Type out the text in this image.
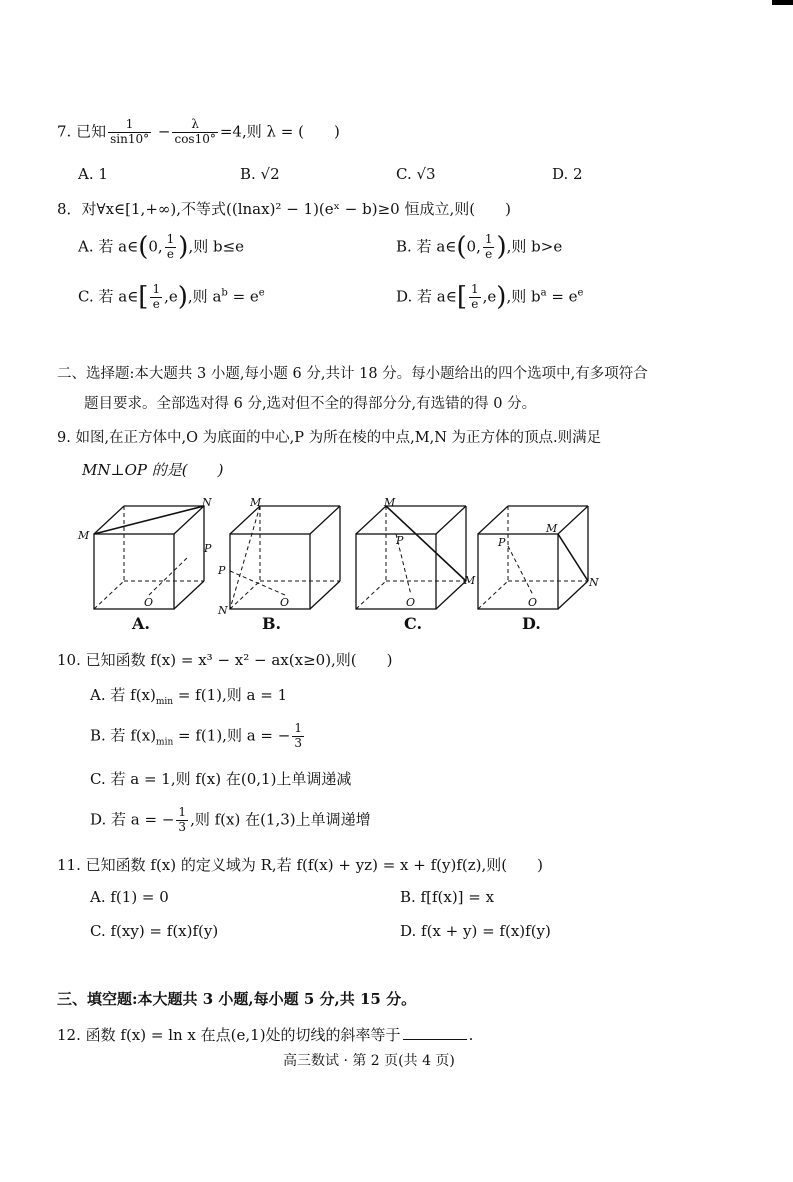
7. 已知 $\frac{1}{\sin 10^\circ} - \frac{\lambda}{\cos 10^\circ} =4$,则 λ = (　　)
A. 1	B. √2	C. √3	D. 2
8．对∀x∈[1,+∞),不等式((lnax)² − 1)(eˣ − b)≥0 恒成立,则(　　)
A. 若 a∈(0, $\frac{1}{e}$ ),则 b≤e	B. 若 a∈(0, $\frac{1}{e}$ ),则 b>e
C. 若 a∈[ $\frac{1}{e} ,e$),则 $a^b = e^e$	D. 若 a∈[ $\frac{1}{e} ,e$),则 $b^a = e^e$
二、选择题:本大题共 3 小题,每小题 6 分,共计 18 分。每小题给出的四个选项中,有多项符合
题目要求。全部选对得 6 分,选对但不全的得部分分,有选错的得 0 分。
9. 如图,在正方体中,O 为底面的中心,P 为所在棱的中点,M,N 为正方体的顶点.则满足
MN⊥OP 的是(　　)
M
N
P
O
A.
M
N
P
O
B.
M
P
O
M
C.
M
N
P
O
D.
10. 已知函数 f(x) = x³ − x² − ax(x≥0),则(　　)
A. 若 $f(x)_{min} = f(1)$,则 a = 1
B. 若 $f(x)_{min} = f(1)$,则 a = − $\frac{1}{3}$
C. 若 a = 1,则 f(x) 在(0,1)上单调递减
D. 若 a = − $\frac{1}{3}$ ,则 f(x) 在(1,3)上单调递增
11. 已知函数 f(x) 的定义域为 R,若 f(f(x) + yz) = x + f(y)f(z),则(　　)
A. f(1) = 0	B. f[f(x)] = x
C. f(xy) = f(x)f(y)	D. f(x + y) = f(x)f(y)
三、填空题:本大题共 3 小题,每小题 5 分,共 15 分。
12. 函数 f(x) = ln x 在点(e,1)处的切线的斜率等于	.
高三数试 · 第 2 页(共 4 页)
